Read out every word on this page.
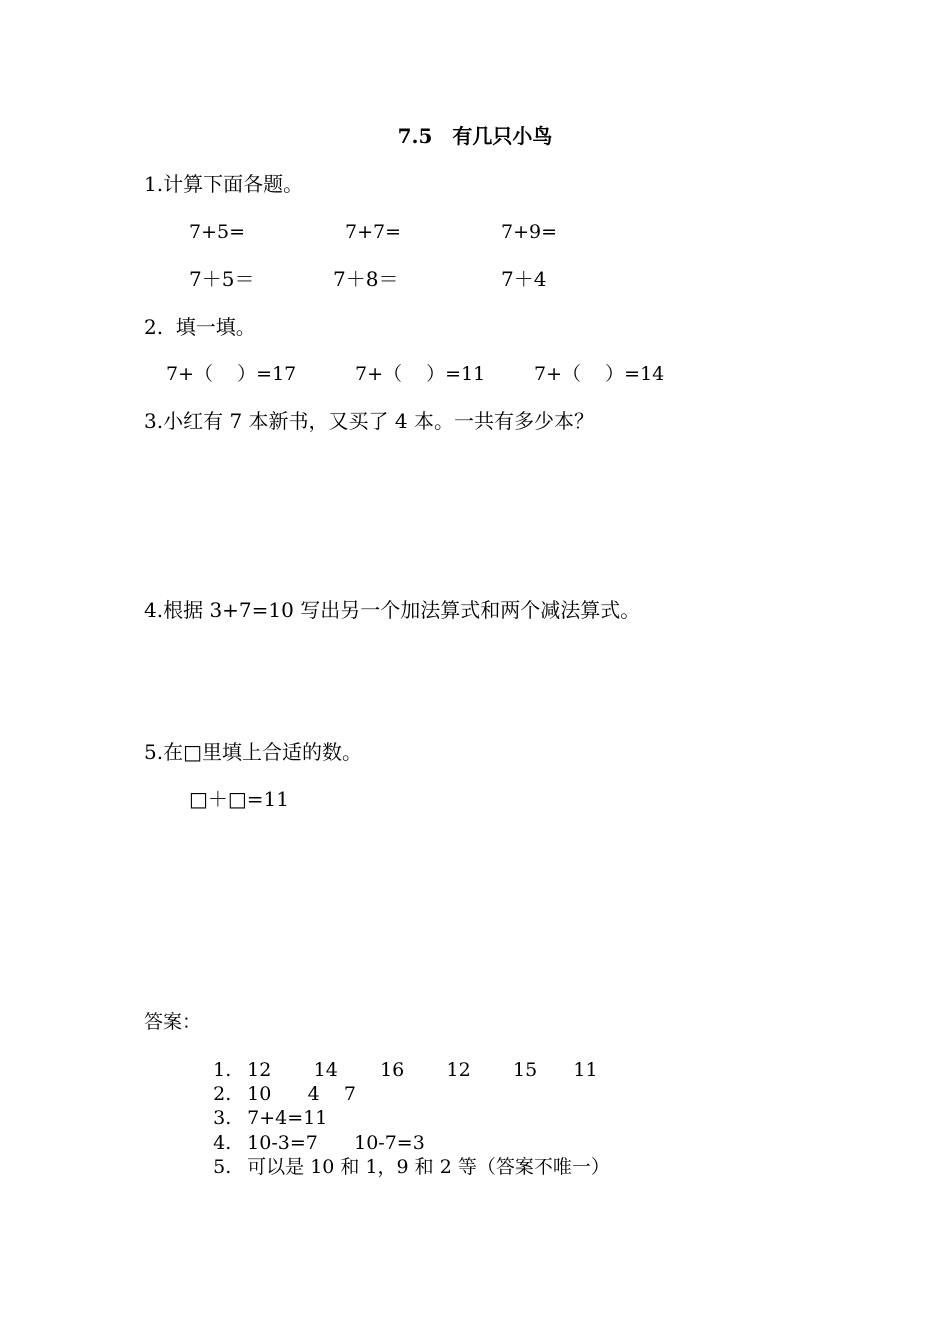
7.5　有几只小鸟
1.计算下面各题。
7+5=	7+7=	7+9=
7＋5＝	7＋8＝	7＋4
2.  填一填。
7+（    ）=17	7+（    ）=11	7+（    ）=14
3.小红有 7 本新书，又买了 4 本。一共有多少本？
4.根据 3+7=10 写出另一个加法算式和两个减法算式。
5.在□里填上合适的数。
□＋□=11
答案：

1. 12       14       16       12       15      11

2. 10      4    7

3. 7+4=11

4. 10-3=7      10-7=3

5. 可以是 10 和 1，9 和 2 等（答案不唯一）
